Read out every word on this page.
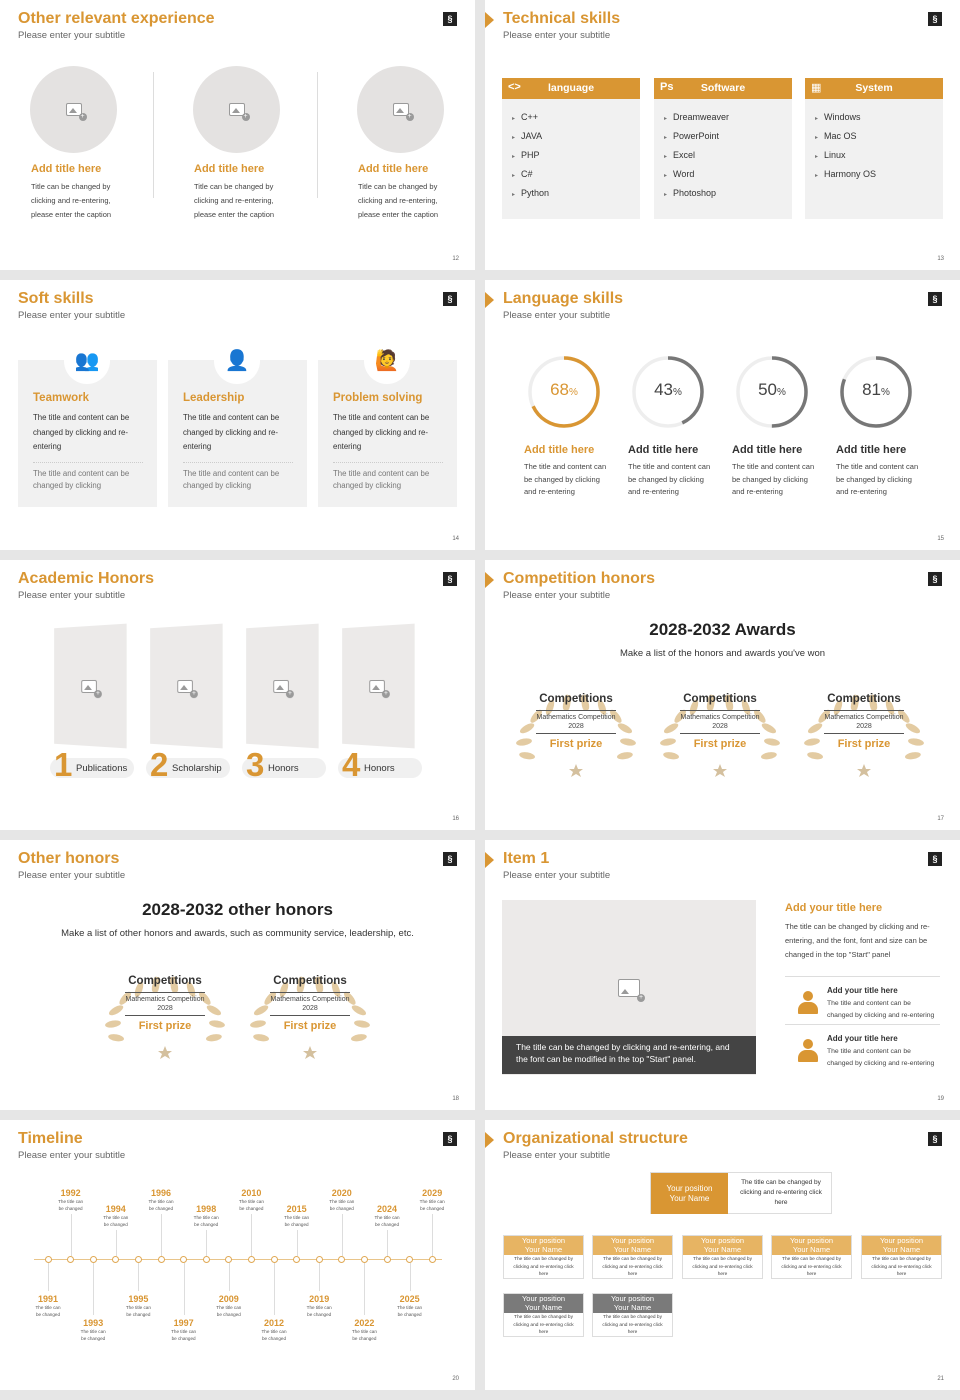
Other relevant experience
Please enter your subtitle
§
+
Add title here
Title can be changed by
clicking and re-entering,
please enter the caption
+
Add title here
Title can be changed by
clicking and re-entering,
please enter the caption
+
Add title here
Title can be changed by
clicking and re-entering,
please enter the caption
12
Technical skills
Please enter your subtitle
§
<>	language
▸ C++
▸ JAVA
▸ PHP
▸ C#
▸ Python
Ps	Software
▸ Dreamweaver
▸ PowerPoint
▸ Excel
▸ Word
▸ Photoshop
▦	System
▸ Windows
▸ Mac OS
▸ Linux
▸ Harmony OS
13
Soft skills
Please enter your subtitle
§
👥
Teamwork
The title and content can be
changed by clicking and re-
entering
The title and content can be
changed by clicking
👤
Leadership
The title and content can be
changed by clicking and re-
entering
The title and content can be
changed by clicking
🙋
Problem solving
The title and content can be
changed by clicking and re-
entering
The title and content can be
changed by clicking
14
Language skills
Please enter your subtitle
§
68%
Add title here
The title and content can
be changed by clicking
and re-entering
43%
Add title here
The title and content can
be changed by clicking
and re-entering
50%
Add title here
The title and content can
be changed by clicking
and re-entering
81%
Add title here
The title and content can
be changed by clicking
and re-entering
15
Academic Honors
Please enter your subtitle
§
+
1 Publications
+ 2 Scholarship
+ 3 Honors
+ 4 Honors
16
Competition honors
Please enter your subtitle
§
2028-2032 Awards
Make a list of the honors and awards you've won
Competitions
Mathematics Competition
2028
First prize
Competitions
Mathematics Competition
2028
First prize
Competitions
Mathematics Competition
2028
First prize
17
Other honors
Please enter your subtitle
§
2028-2032 other honors
Make a list of other honors and awards, such as community service, leadership, etc.
Competitions
Mathematics Competition
2028
First prize
Competitions
Mathematics Competition
2028
First prize
18
Item 1
Please enter your subtitle
§
+
The title can be changed by clicking and re-entering, and
the font can be modified in the top "Start" panel.
Add your title here
The title can be changed by clicking and re-
entering, and the font, font and size can be
changed in the top "Start" panel
Add your title here
The title and content can be
changed by clicking and re-entering
Add your title here
The title and content can be
changed by clicking and re-entering
19
Timeline
Please enter your subtitle
§
1991
The title can
be changed
1993
The title can
be changed
1995
The title can
be changed
1997
The title can
be changed
2009
The title can
be changed
2012
The title can
be changed
2019
The title can
be changed
2022
The title can
be changed
2025
The title can
be changed
1992
The title can
be changed	1994
The title can
be changed
1996
The title can
be changed	1998
The title can
be changed
2010
The title can
be changed	2015
The title can
be changed
2020
The title can
be changed	2024
The title can
be changed
2029
The title can
be changed
20
Organizational structure
Please enter your subtitle
§
Your position
Your Name
The title can be changed by
clicking and re-entering click
here
Your position
Your Name
The title can be changed by
clicking and re-entering click
here
Your position
Your Name
The title can be changed by
clicking and re-entering click
here
Your position
Your Name
The title can be changed by
clicking and re-entering click
here
Your position
Your Name
The title can be changed by
clicking and re-entering click
here
Your position
Your Name
The title can be changed by
clicking and re-entering click
here
Your position
Your Name
The title can be changed by
clicking and re-entering click
here
Your position
Your Name
The title can be changed by
clicking and re-entering click
here
21
